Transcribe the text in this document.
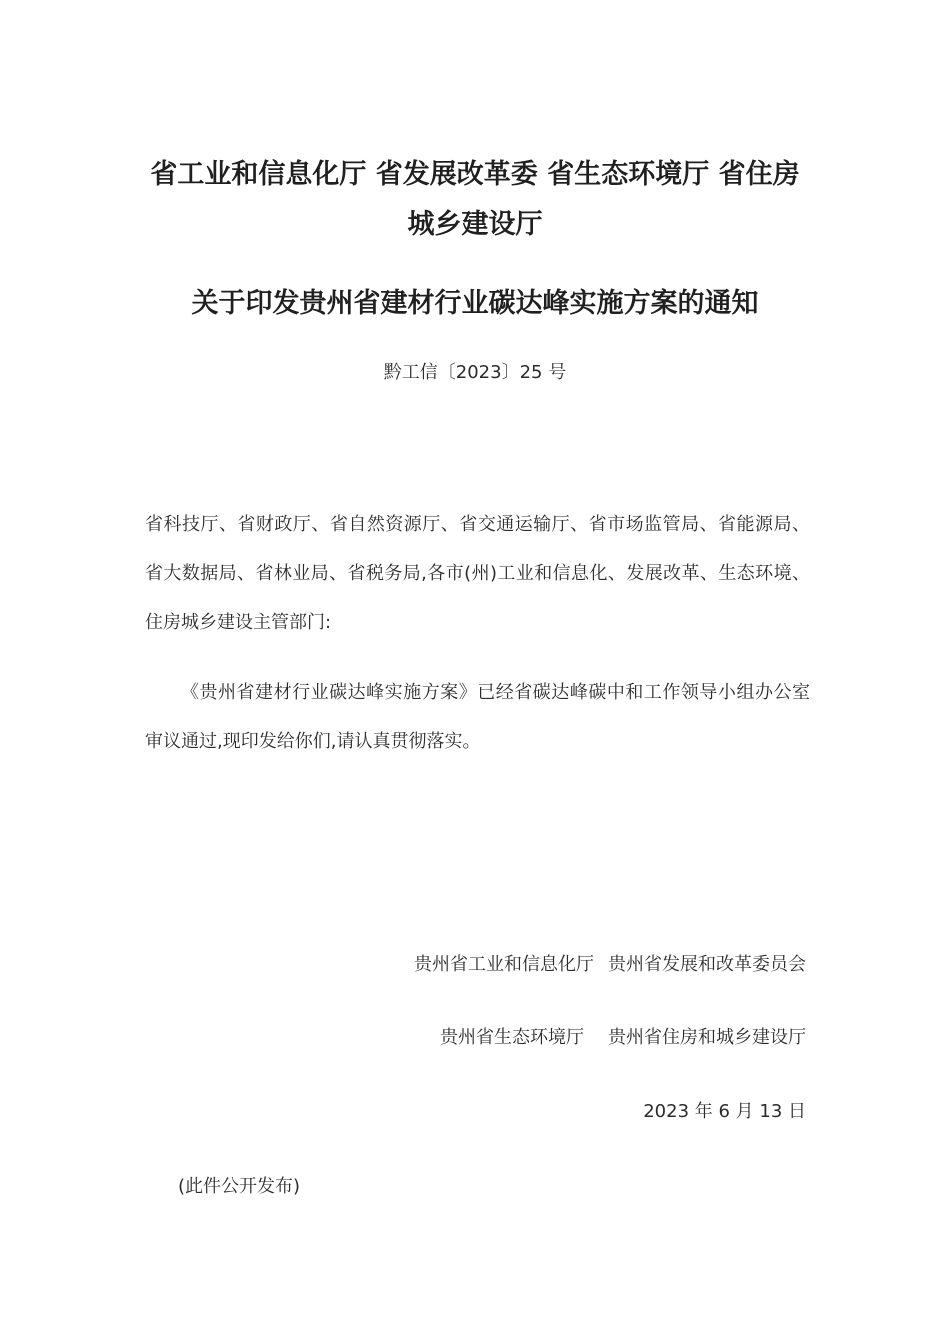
省工业和信息化厅 省发展改革委 省生态环境厅 省住房城乡建设厅
关于印发贵州省建材行业碳达峰实施方案的通知
黔工信〔2023〕25 号

省科技厅、省财政厅、省自然资源厅、省交通运输厅、省市场监管局、省能源局、省大数据局、省林业局、省税务局,各市(州)工业和信息化、发展改革、生态环境、住房城乡建设主管部门:

《贵州省建材行业碳达峰实施方案》已经省碳达峰碳中和工作领导小组办公室审议通过,现印发给你们,请认真贯彻落实。

贵州省工业和信息化厅 贵州省发展和改革委员会
贵州省生态环境厅 贵州省住房和城乡建设厅
2023 年 6 月 13 日
(此件公开发布)
